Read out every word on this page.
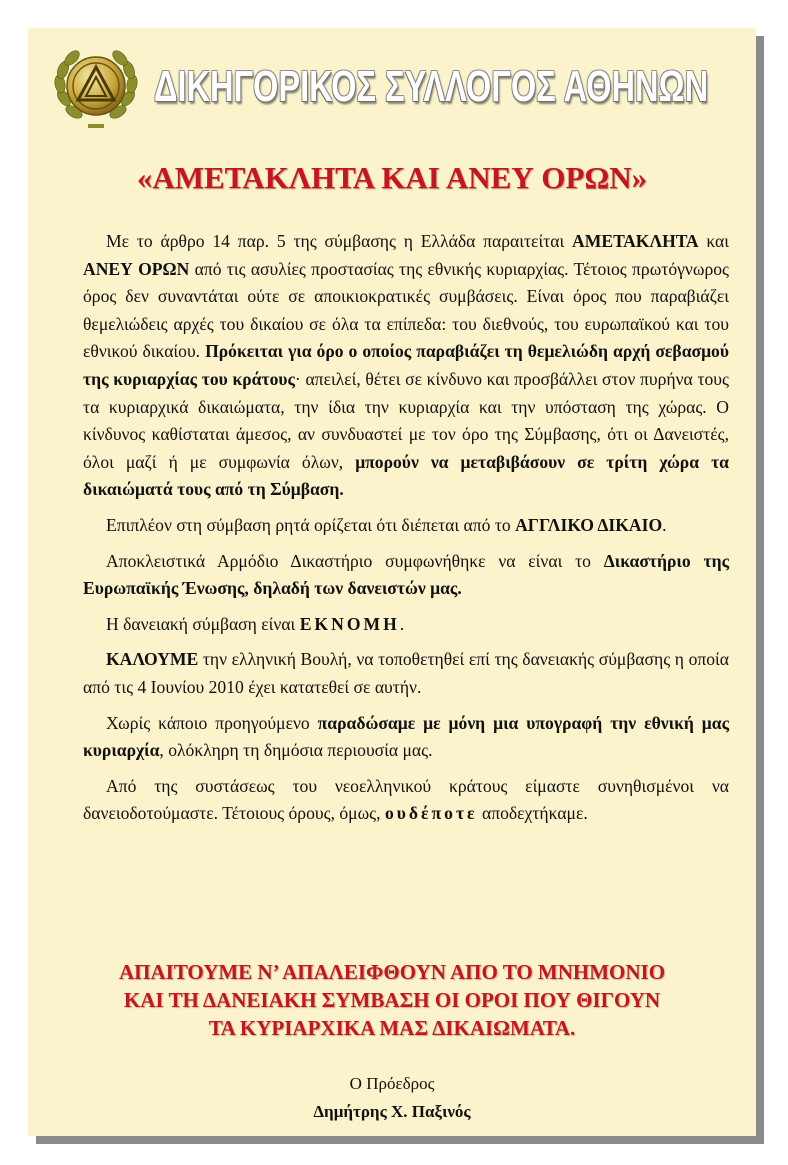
ΔΙΚΗΓΟΡΙΚΟΣ ΣΥΛΛΟΓΟΣ ΑΘΗΝΩΝ
«ΑΜΕΤΑΚΛΗΤΑ ΚΑΙ ΑΝΕΥ ΟΡΩΝ»

Με το άρθρο 14 παρ. 5 της σύμβασης η Ελλάδα παραιτείται ΑΜΕΤΑΚΛΗΤΑ και ΑΝΕΥ ΟΡΩΝ από τις ασυλίες προστασίας της εθνικής κυριαρχίας. Τέτοιος πρωτόγνωρος όρος δεν συναντάται ούτε σε αποικιοκρατικές συμβάσεις. Είναι όρος που παραβιάζει θεμελιώδεις αρχές του δικαίου σε όλα τα επίπεδα: του διεθνούς, του ευρωπαϊκού και του εθνικού δικαίου. Πρόκειται για όρο ο οποίος παραβιάζει τη θεμελιώδη αρχή σεβασμού της κυριαρχίας του κράτους· απειλεί, θέτει σε κίνδυνο και προσβάλλει στον πυρήνα τους τα κυριαρχικά δικαιώματα, την ίδια την κυριαρχία και την υπόσταση της χώρας. Ο κίνδυνος καθίσταται άμεσος, αν συνδυαστεί με τον όρο της Σύμβασης, ότι οι Δανειστές, όλοι μαζί ή με συμφωνία όλων, μπορούν να μεταβιβάσουν σε τρίτη χώρα τα δικαιώματά τους από τη Σύμβαση.

Επιπλέον στη σύμβαση ρητά ορίζεται ότι διέπεται από το ΑΓΓΛΙΚΟ ΔΙΚΑΙΟ.

Αποκλειστικά Αρμόδιο Δικαστήριο συμφωνήθηκε να είναι το Δικαστήριο της Ευρωπαϊκής Ένωσης, δηλαδή των δανειστών μας.

Η δανειακή σύμβαση είναι ΕΚΝΟΜΗ.

ΚΑΛΟΥΜΕ την ελληνική Βουλή, να τοποθετηθεί επί της δανειακής σύμβασης η οποία από τις 4 Ιουνίου 2010 έχει κατατεθεί σε αυτήν.

Χωρίς κάποιο προηγούμενο παραδώσαμε με μόνη μια υπογραφή την εθνική μας κυριαρχία, ολόκληρη τη δημόσια περιουσία μας.

Από της συστάσεως του νεοελληνικού κράτους είμαστε συνηθισμένοι να δανειοδοτούμαστε. Τέτοιους όρους, όμως, ουδέποτε αποδεχτήκαμε.

ΑΠΑΙΤΟΥΜΕ Ν’ ΑΠΑΛΕΙΦΘΟΥΝ ΑΠΟ ΤΟ ΜΝΗΜΟΝΙΟ
ΚΑΙ ΤΗ ΔΑΝΕΙΑΚΗ ΣΥΜΒΑΣΗ ΟΙ ΟΡΟΙ ΠΟΥ ΘΙΓΟΥΝ
ΤΑ ΚΥΡΙΑΡΧΙΚΑ ΜΑΣ ΔΙΚΑΙΩΜΑΤΑ.
Ο Πρόεδρος
Δημήτρης Χ. Παξινός
